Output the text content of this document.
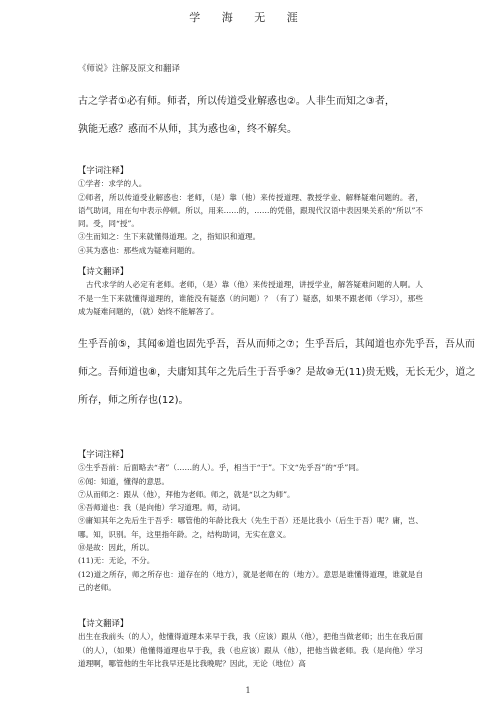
学 海 无 涯
《师说》注解及原文和翻译
古之学者①必有师。师者，所以传道受业解惑也②。人非生而知之③者，
孰能无惑？惑而不从师，其为惑也④，终不解矣。

【字词注释】

①学者：求学的人。

②师者，所以传道受业解惑也：老师，（是）靠（他）来传授道理、教授学业、解释疑难问题的。者，语气助词，用在句中表示停顿。所以，用来……的，……的凭借，跟现代汉语中表因果关系的“所以”不同。受，同“授”。

③生而知之：生下来就懂得道理。之，指知识和道理。

④其为惑也：那些成为疑难问题的。

【诗文翻译】

古代求学的人必定有老师。老师，（是）靠（他）来传授道理，讲授学业，解答疑难问题的人啊。人不是一生下来就懂得道理的，谁能没有疑惑（的问题）？（有了）疑惑，如果不跟老师（学习），那些成为疑难问题的，（就）始终不能解答了。

生乎吾前⑤，其闻⑥道也固先乎吾，吾从而师之⑦；生乎吾后，其闻道也亦先乎吾，吾从而
师之。吾师道也⑧，夫庸知其年之先后生于吾乎⑨？是故⑩无(11)贵无贱，无长无少，道之
所存，师之所存也(12)。

【字词注释】

⑤生乎吾前：后面略去“者”（……的人）。乎，相当于“于”。下文“先乎吾”的“乎”同。

⑥闻：知道，懂得的意思。

⑦从而师之：跟从（他），拜他为老师。师之，就是“以之为师”。

⑧吾师道也：我（是向他）学习道理。师，动词。

⑨庸知其年之先后生于吾乎：哪管他的年龄比我大（先生于吾）还是比我小（后生于吾）呢？庸，岂、哪。知，识别。年，这里指年龄。之，结构助词，无实在意义。

⑩是故：因此，所以。

(11)无：无论，不分。

(12)道之所存，师之所存也：道存在的（地方），就是老师在的（地方）。意思是谁懂得道理，谁就是自己的老师。

【诗文翻译】

出生在我前头（的人），他懂得道理本来早于我，我（应该）跟从（他），把他当做老师；出生在我后面（的人），（如果）他懂得道理也早于我，我（也应该）跟从（他），把他当做老师。我（是向他）学习道理啊，哪管他的生年比我早还是比我晚呢？因此，无论（地位）高

1
